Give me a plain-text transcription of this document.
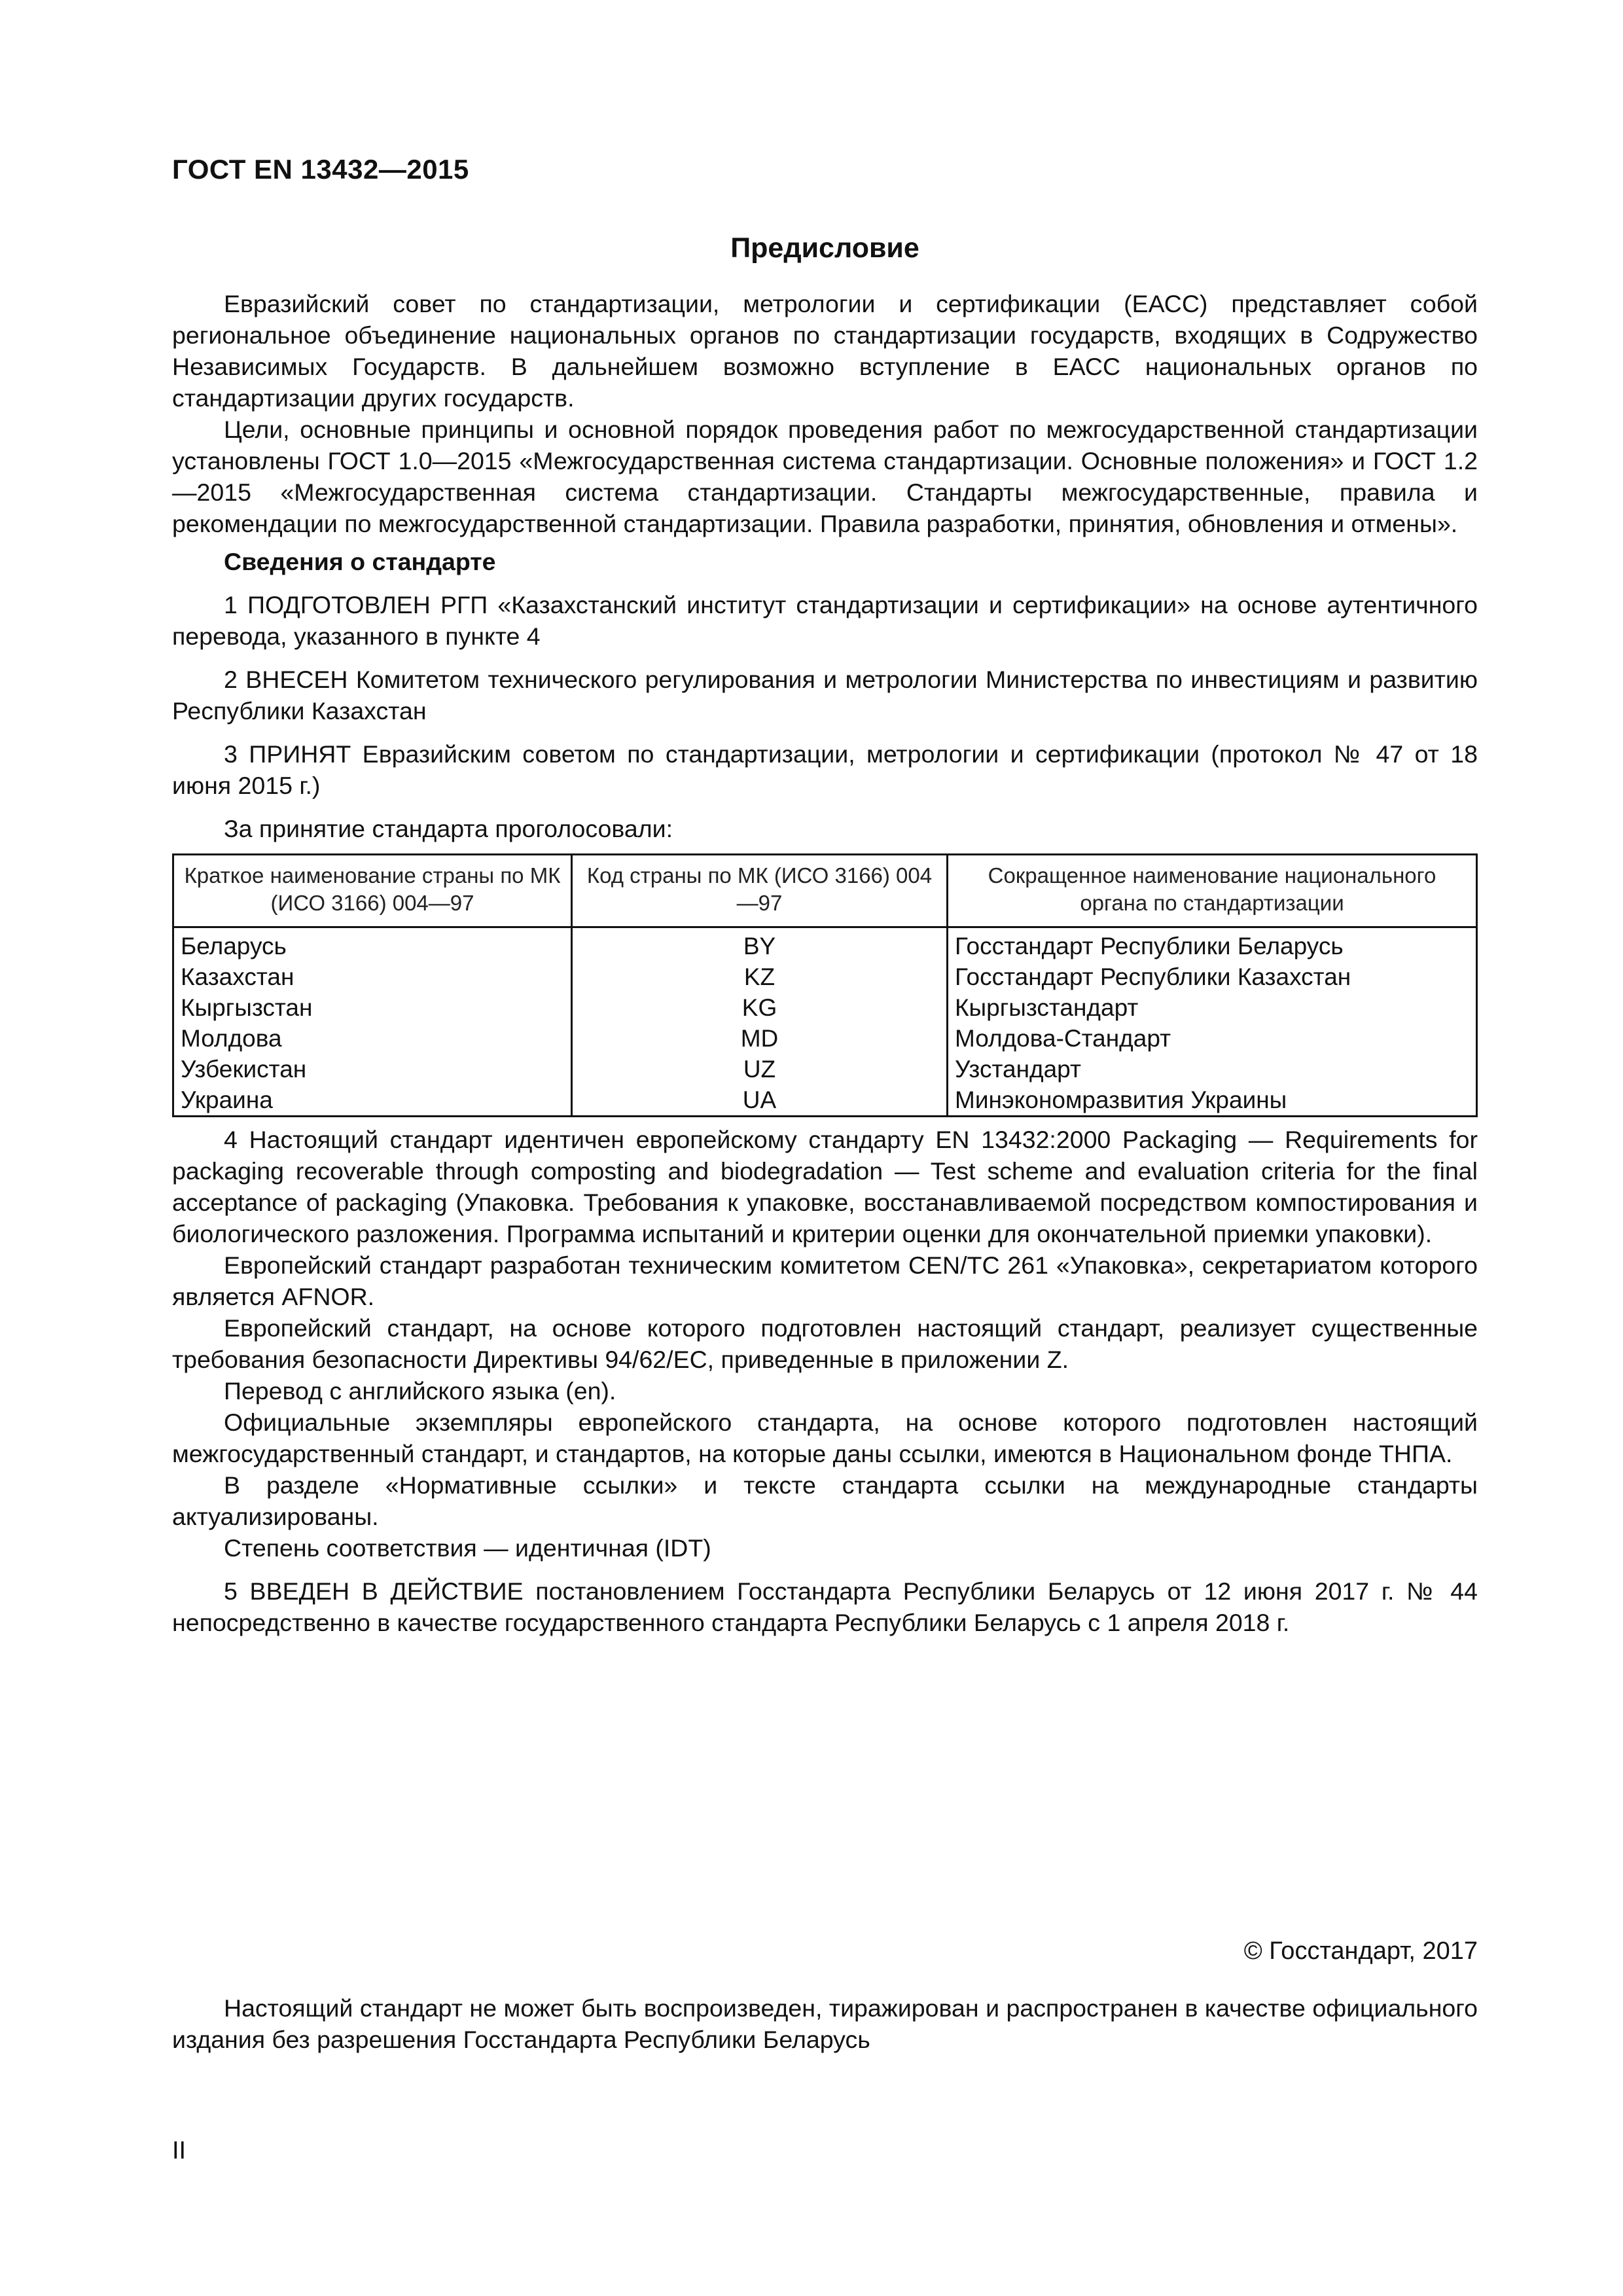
ГОСТ EN 13432—2015
Предисловие

Евразийский совет по стандартизации, метрологии и сертификации (ЕАСС) представляет собой региональное объединение национальных органов по стандартизации государств, входящих в Содружество Независимых Государств. В дальнейшем возможно вступление в ЕАСС национальных органов по стандартизации других государств.

Цели, основные принципы и основной порядок проведения работ по межгосударственной стандартизации установлены ГОСТ 1.0—2015 «Межгосударственная система стандартизации. Основные положения» и ГОСТ 1.2—2015 «Межгосударственная система стандартизации. Стандарты межгосударственные, правила и рекомендации по межгосударственной стандартизации. Правила разработки, принятия, обновления и отмены».

Сведения о стандарте

1 ПОДГОТОВЛЕН РГП «Казахстанский институт стандартизации и сертификации» на основе аутентичного перевода, указанного в пункте 4

2 ВНЕСЕН Комитетом технического регулирования и метрологии Министерства по инвестициям и развитию Республики Казахстан

3 ПРИНЯТ Евразийским советом по стандартизации, метрологии и сертификации (протокол № 47 от 18 июня 2015 г.)

За принятие стандарта проголосовали:

Краткое наименование страны по МК (ИСО 3166) 004—97	Код страны по МК (ИСО 3166) 004—97	Сокращенное наименование национального органа по стандартизации
Беларусь	BY	Госстандарт Республики Беларусь
Казахстан	KZ	Госстандарт Республики Казахстан
Кыргызстан	KG	Кыргызстандарт
Молдова	MD	Молдова-Стандарт
Узбекистан	UZ	Узстандарт
Украина	UA	Минэкономразвития Украины

4 Настоящий стандарт идентичен европейскому стандарту EN 13432:2000 Packaging — Requirements for packaging recoverable through composting and biodegradation — Test scheme and evaluation criteria for the final acceptance of packaging (Упаковка. Требования к упаковке, восстанавливаемой посредством компостирования и биологического разложения. Программа испытаний и критерии оценки для окончательной приемки упаковки).

Европейский стандарт разработан техническим комитетом CEN/TC 261 «Упаковка», секретариатом которого является AFNOR.

Европейский стандарт, на основе которого подготовлен настоящий стандарт, реализует существенные требования безопасности Директивы 94/62/EC, приведенные в приложении Z.

Перевод с английского языка (en).

Официальные экземпляры европейского стандарта, на основе которого подготовлен настоящий межгосударственный стандарт, и стандартов, на которые даны ссылки, имеются в Национальном фонде ТНПА.

В разделе «Нормативные ссылки» и тексте стандарта ссылки на международные стандарты актуализированы.

Степень соответствия — идентичная (IDT)

5 ВВЕДЕН В ДЕЙСТВИЕ постановлением Госстандарта Республики Беларусь от 12 июня 2017 г. № 44 непосредственно в качестве государственного стандарта Республики Беларусь с 1 апреля 2018 г.

© Госстандарт, 2017

Настоящий стандарт не может быть воспроизведен, тиражирован и распространен в качестве официального издания без разрешения Госстандарта Республики Беларусь

II
